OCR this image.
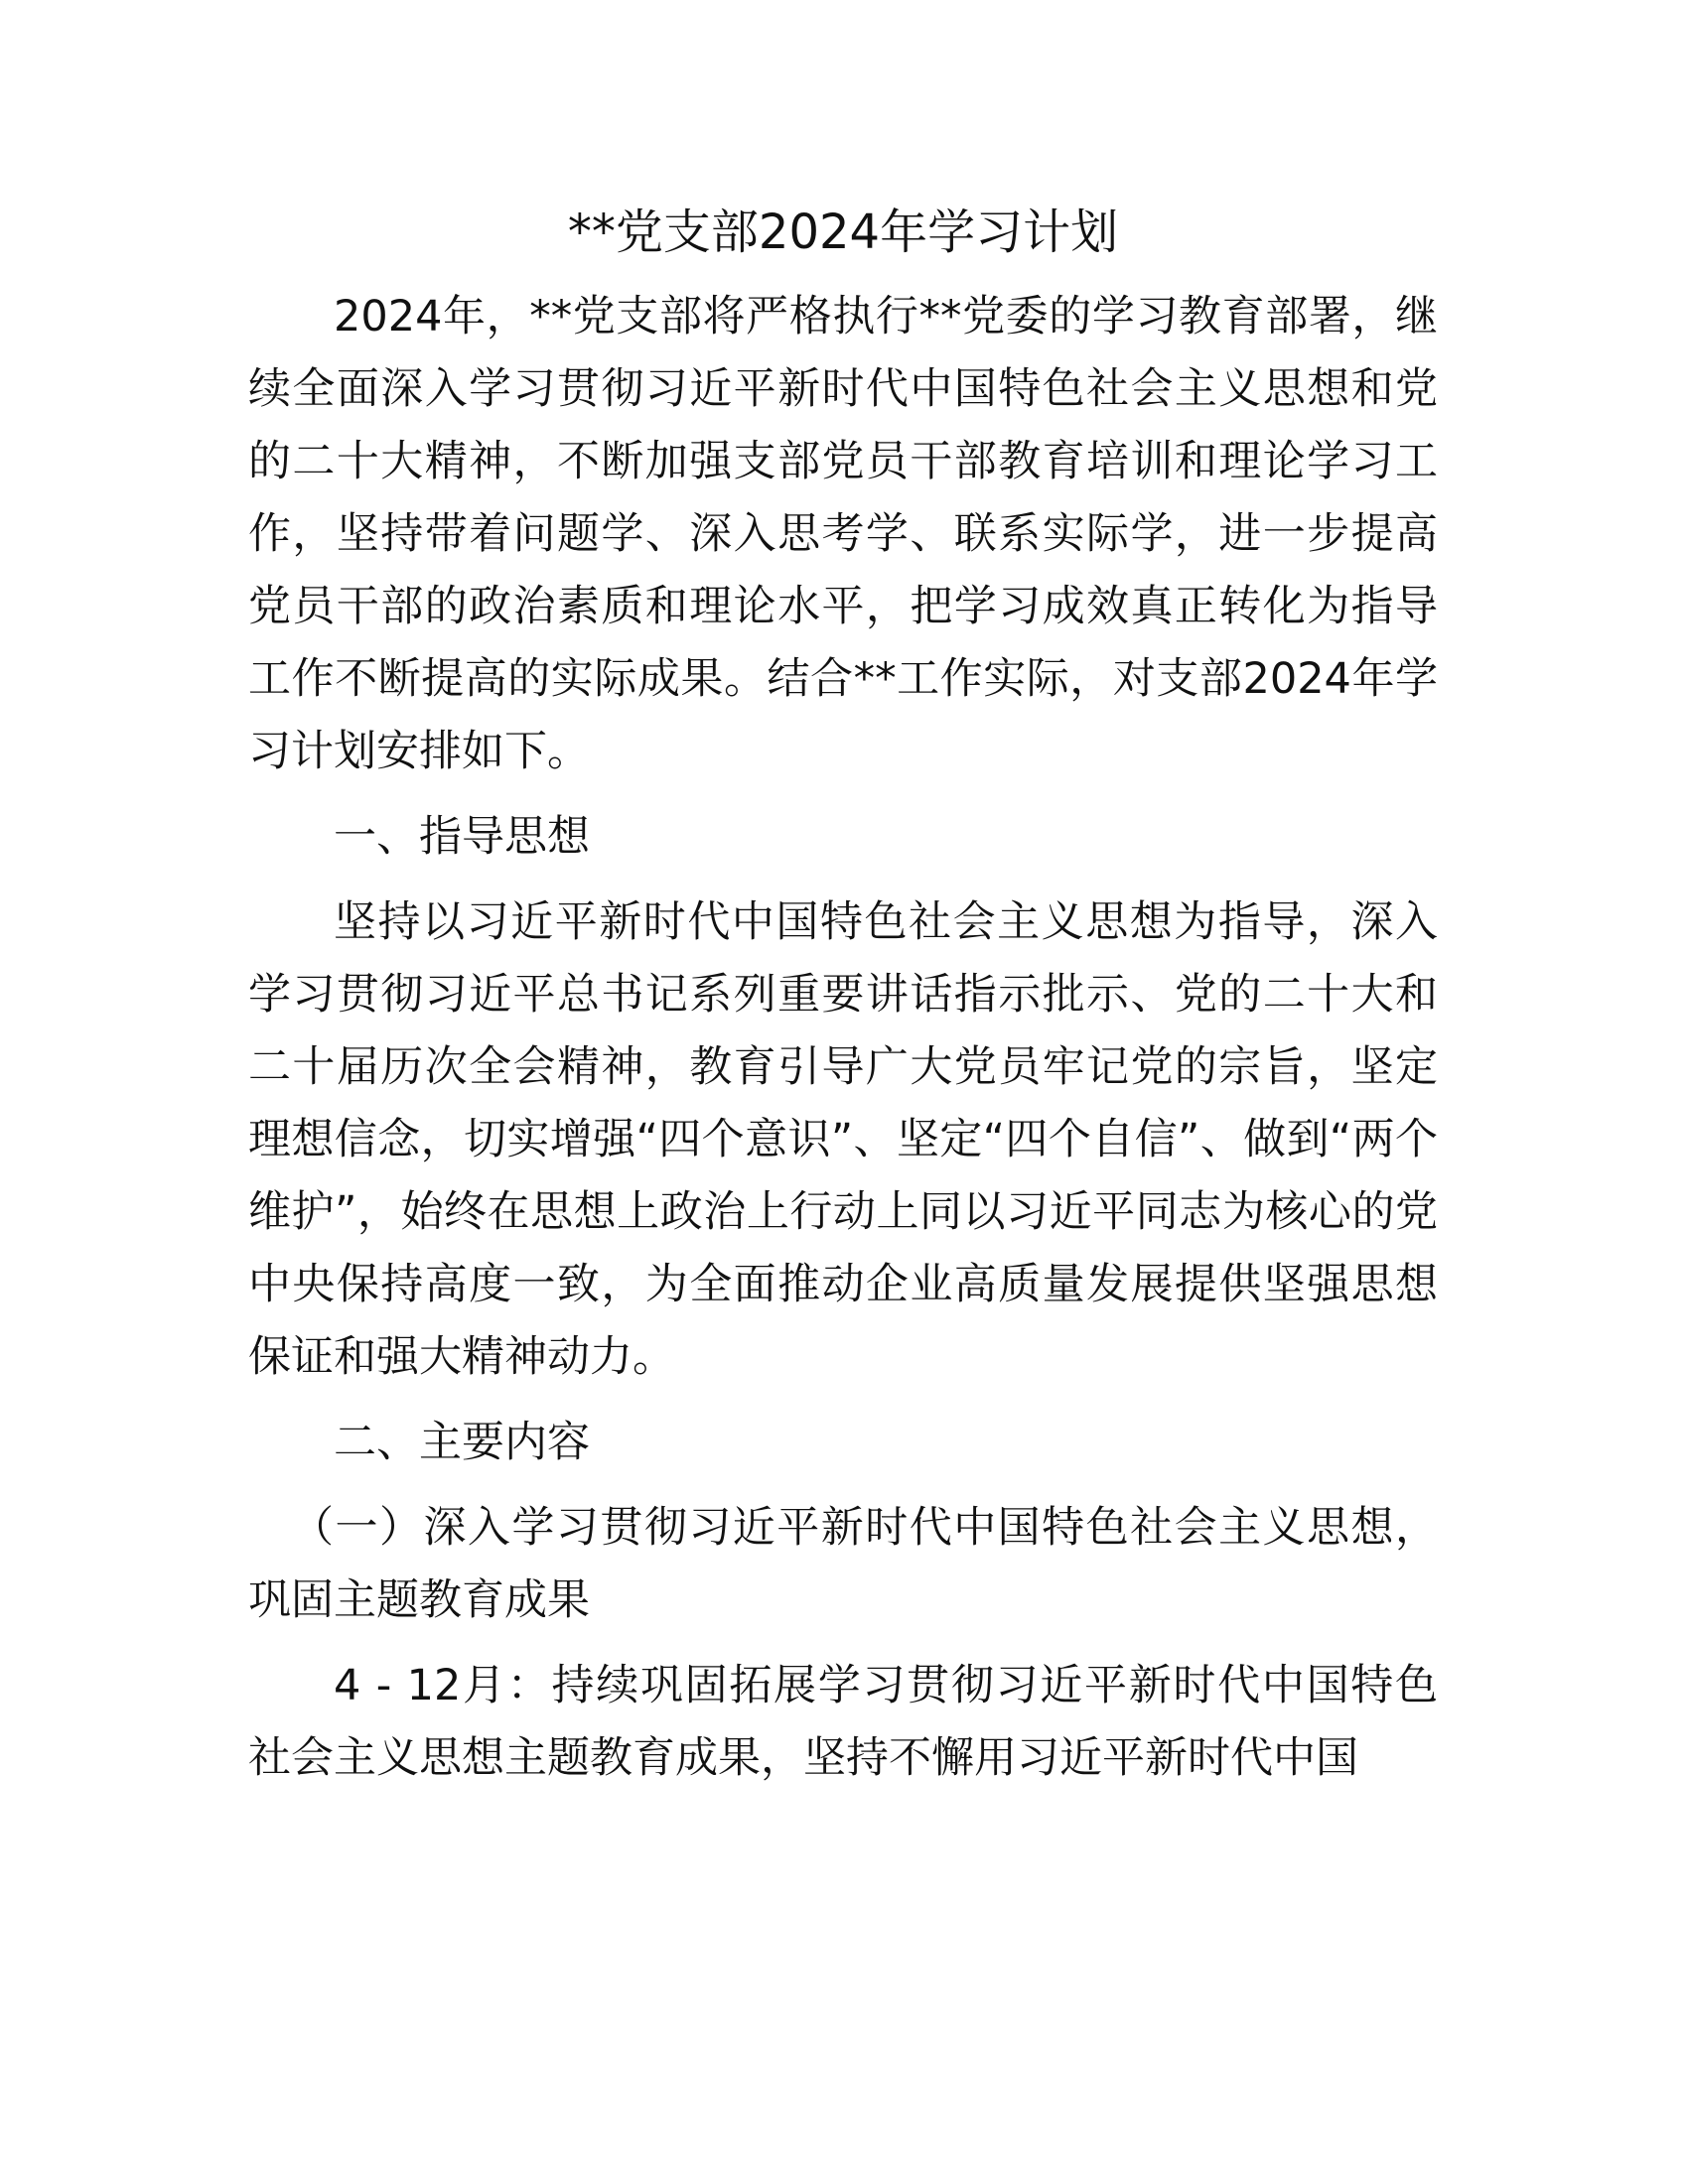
**党支部2024年学习计划

2024年，**党支部将严格执行**党委的学习教育部署，继续全面深入学习贯彻习近平新时代中国特色社会主义思想和党的二十大精神，不断加强支部党员干部教育培训和理论学习工作，坚持带着问题学、深入思考学、联系实际学，进一步提高党员干部的政治素质和理论水平，把学习成效真正转化为指导工作不断提高的实际成果。结合**工作实际，对支部2024年学习计划安排如下。

一、指导思想

坚持以习近平新时代中国特色社会主义思想为指导，深入学习贯彻习近平总书记系列重要讲话指示批示、党的二十大和二十届历次全会精神，教育引导广大党员牢记党的宗旨，坚定理想信念，切实增强“四个意识”、坚定“四个自信”、做到“两个维护”，始终在思想上政治上行动上同以习近平同志为核心的党中央保持高度一致，为全面推动企业高质量发展提供坚强思想保证和强大精神动力。

二、主要内容

（一）深入学习贯彻习近平新时代中国特色社会主义思想，巩固主题教育成果

4 - 12月：持续巩固拓展学习贯彻习近平新时代中国特色社会主义思想主题教育成果，坚持不懈用习近平新时代中国
